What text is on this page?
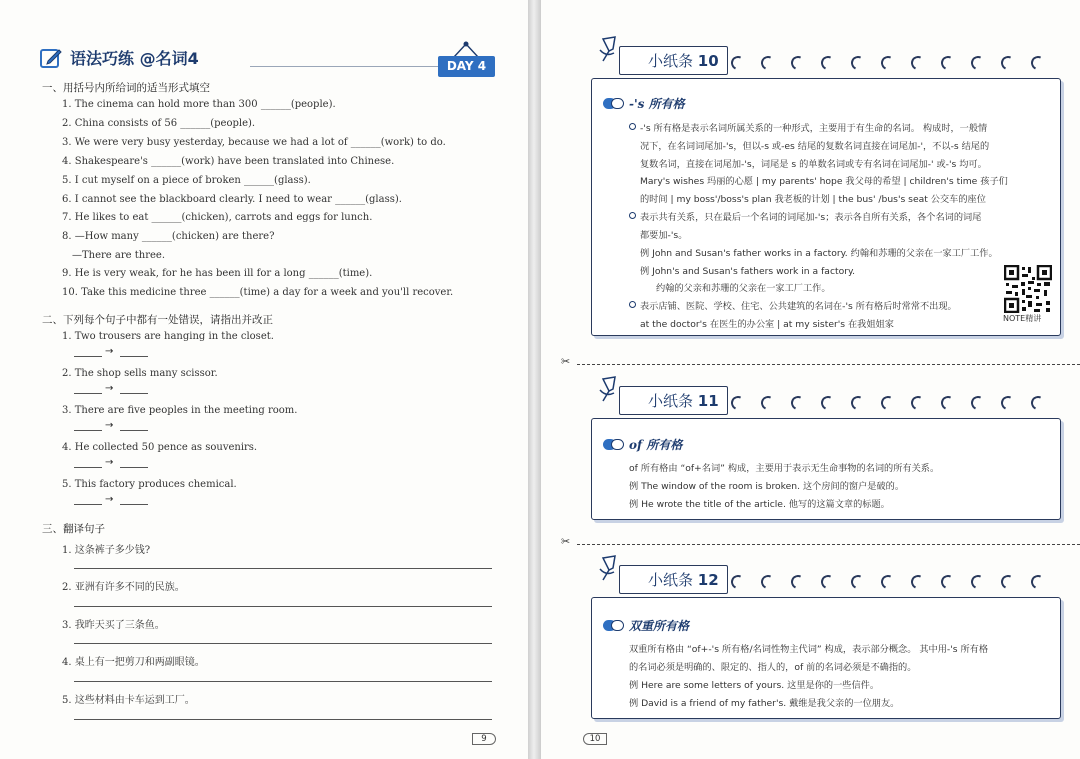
语法巧练 @名词4	DAY 4
一、用括号内所给词的适当形式填空
1. The cinema can hold more than 300 ______(people).
2. China consists of 56 ______(people).
3. We were very busy yesterday, because we had a lot of ______(work) to do.
4. Shakespeare's ______(work) have been translated into Chinese.
5. I cut myself on a piece of broken ______(glass).
6. I cannot see the blackboard clearly. I need to wear ______(glass).
7. He likes to eat ______(chicken), carrots and eggs for lunch.
8. —How many ______(chicken) are there?
—There are three.
9. He is very weak, for he has been ill for a long ______(time).
10. Take this medicine three ______(time) a day for a week and you'll recover.
二、下列每个句子中都有一处错误，请指出并改正
1. Two trousers are hanging in the closet.
→
2. The shop sells many scissor.
→
3. There are five peoples in the meeting room.
→
4. He collected 50 pence as souvenirs.
→
5. This factory produces chemical.
→
三、翻译句子
1. 这条裤子多少钱?
2. 亚洲有许多不同的民族。
3. 我昨天买了三条鱼。
4. 桌上有一把剪刀和两副眼镜。
5. 这些材料由卡车运到工厂。
9
小纸条 10
-'s 所有格
-'s 所有格是表示名词所属关系的一种形式，主要用于有生命的名词。 构成时，一般情
况下，在名词词尾加-'s，但以-s 或-es 结尾的复数名词直接在词尾加-'，不以-s 结尾的
复数名词，直接在词尾加-'s，词尾是 s 的单数名词或专有名词在词尾加-' 或-'s 均可。
Mary's wishes 玛丽的心愿 | my parents' hope 我父母的希望 | children's time 孩子们
的时间 | my boss'/boss's plan 我老板的计划 | the bus' /bus's seat 公交车的座位
表示共有关系，只在最后一个名词的词尾加-'s；表示各自所有关系，各个名词的词尾
都要加-'s。
例 John and Susan's father works in a factory. 约翰和苏珊的父亲在一家工厂工作。
例 John's and Susan's fathers work in a factory.
约翰的父亲和苏珊的父亲在一家工厂工作。
表示店铺、医院、学校、住宅、公共建筑的名词在-'s 所有格后时常常不出现。
at the doctor's 在医生的办公室 | at my sister's 在我姐姐家
NOTE精讲
✂
小纸条 11
of 所有格
of 所有格由 “of+名词” 构成，主要用于表示无生命事物的名词的所有关系。
例 The window of the room is broken. 这个房间的窗户是破的。
例 He wrote the title of the article. 他写的这篇文章的标题。
✂
小纸条 12
双重所有格
双重所有格由 “of+-'s 所有格/名词性物主代词” 构成，表示部分概念。 其中用-'s 所有格
的名词必须是明确的、限定的、指人的，of 前的名词必须是不确指的。
例 Here are some letters of yours. 这里是你的一些信件。
例 David is a friend of my father's. 戴维是我父亲的一位朋友。
10
